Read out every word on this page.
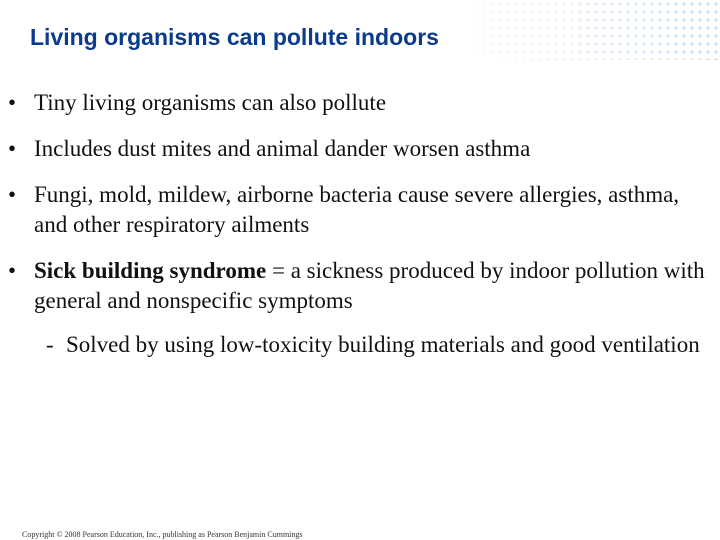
Living organisms can pollute indoors
• Tiny living organisms can also pollute
• Includes dust mites and animal dander worsen asthma
• Fungi, mold, mildew, airborne bacteria cause severe allergies, asthma, and other respiratory ailments
• Sick building syndrome = a sickness produced by indoor pollution with general and nonspecific symptoms
- Solved by using low-toxicity building materials and good ventilation
Copyright © 2008 Pearson Education, Inc., publishing as Pearson Benjamin Cummings
